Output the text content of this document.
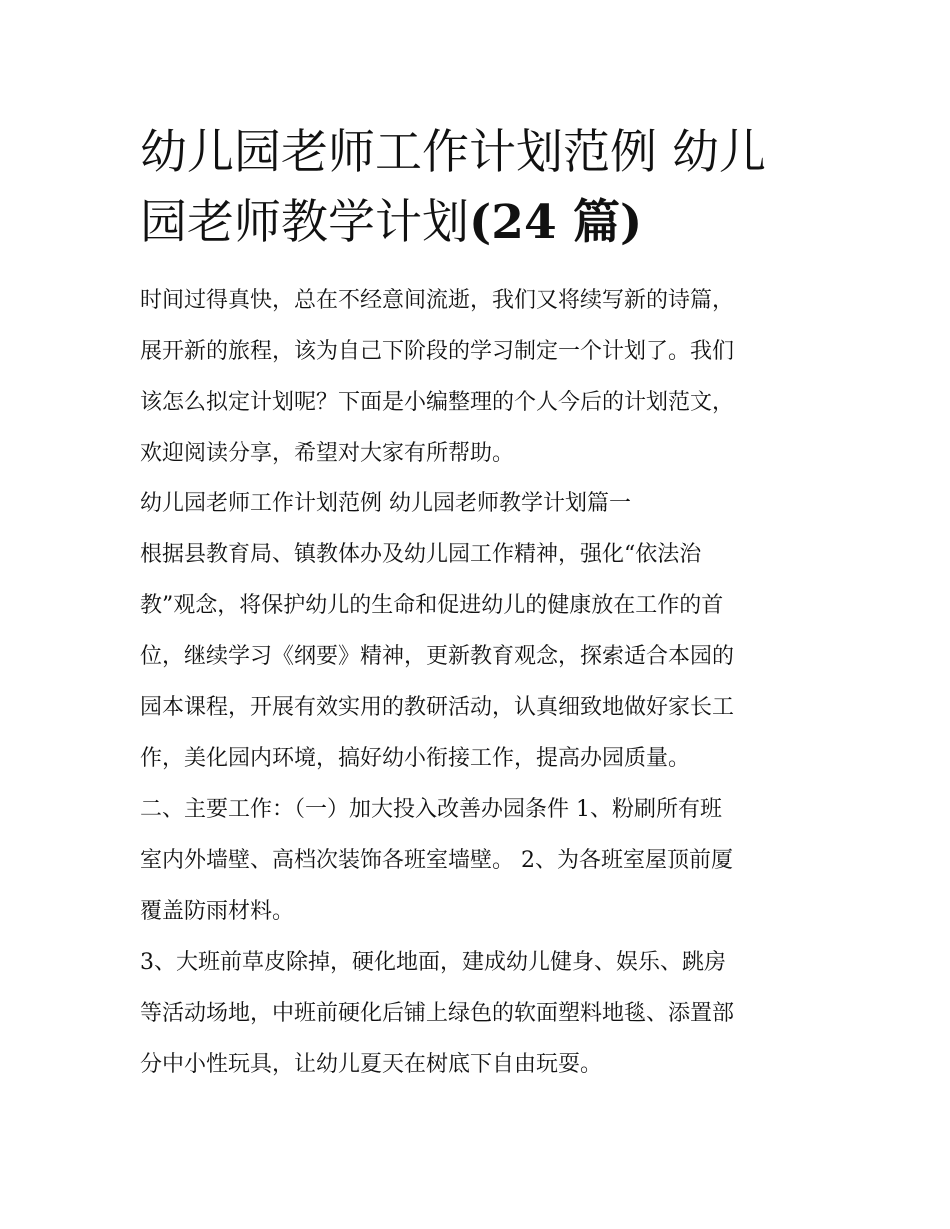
幼儿园老师工作计划范例 幼儿
园老师教学计划(24 篇)
时间过得真快，总在不经意间流逝，我们又将续写新的诗篇，
展开新的旅程，该为自己下阶段的学习制定一个计划了。我们
该怎么拟定计划呢？下面是小编整理的个人今后的计划范文，
欢迎阅读分享，希望对大家有所帮助。
幼儿园老师工作计划范例 幼儿园老师教学计划篇一
根据县教育局、镇教体办及幼儿园工作精神，强化“依法治
教”观念，将保护幼儿的生命和促进幼儿的健康放在工作的首
位，继续学习《纲要》精神，更新教育观念，探索适合本园的
园本课程，开展有效实用的教研活动，认真细致地做好家长工
作，美化园内环境，搞好幼小衔接工作，提高办园质量。
二、主要工作：（一）加大投入改善办园条件 1、粉刷所有班
室内外墙壁、高档次装饰各班室墙壁。 2、为各班室屋顶前厦
覆盖防雨材料。
3、大班前草皮除掉，硬化地面，建成幼儿健身、娱乐、跳房
等活动场地，中班前硬化后铺上绿色的软面塑料地毯、添置部
分中小性玩具，让幼儿夏天在树底下自由玩耍。
